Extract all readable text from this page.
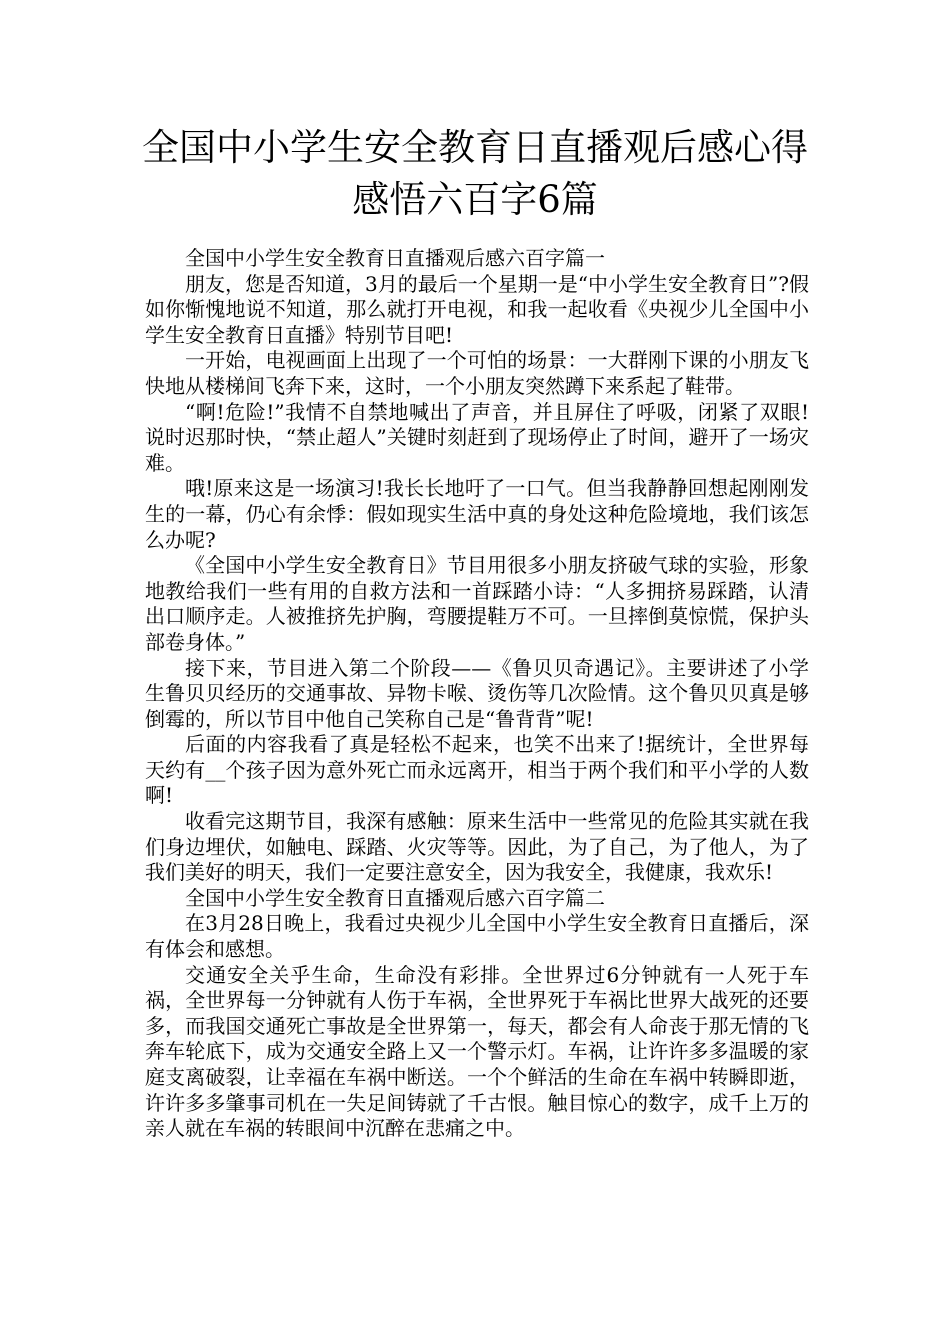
全国中小学生安全教育日直播观后感心得
感悟六百字6篇

全国中小学生安全教育日直播观后感六百字篇一

朋友，您是否知道，3月的最后一个星期一是“中小学生安全教育日”?假如你惭愧地说不知道，那么就打开电视，和我一起收看《央视少儿全国中小学生安全教育日直播》特别节目吧!

一开始，电视画面上出现了一个可怕的场景：一大群刚下课的小朋友飞快地从楼梯间飞奔下来，这时，一个小朋友突然蹲下来系起了鞋带。

“啊!危险!”我情不自禁地喊出了声音，并且屏住了呼吸，闭紧了双眼!说时迟那时快，“禁止超人”关键时刻赶到了现场停止了时间，避开了一场灾难。

哦!原来这是一场演习!我长长地吁了一口气。但当我静静回想起刚刚发生的一幕，仍心有余悸：假如现实生活中真的身处这种危险境地，我们该怎么办呢?

《全国中小学生安全教育日》节目用很多小朋友挤破气球的实验，形象地教给我们一些有用的自救方法和一首踩踏小诗：“人多拥挤易踩踏，认清出口顺序走。人被推挤先护胸，弯腰提鞋万不可。一旦摔倒莫惊慌，保护头部卷身体。”

接下来，节目进入第二个阶段——《鲁贝贝奇遇记》。主要讲述了小学生鲁贝贝经历的交通事故、异物卡喉、烫伤等几次险情。这个鲁贝贝真是够倒霉的，所以节目中他自己笑称自己是“鲁背背”呢!

后面的内容我看了真是轻松不起来，也笑不出来了!据统计，全世界每天约有__个孩子因为意外死亡而永远离开，相当于两个我们和平小学的人数啊!

收看完这期节目，我深有感触：原来生活中一些常见的危险其实就在我们身边埋伏，如触电、踩踏、火灾等等。因此，为了自己，为了他人，为了我们美好的明天，我们一定要注意安全，因为我安全，我健康，我欢乐!

全国中小学生安全教育日直播观后感六百字篇二

在3月28日晚上，我看过央视少儿全国中小学生安全教育日直播后，深有体会和感想。

交通安全关乎生命，生命没有彩排。全世界过6分钟就有一人死于车祸，全世界每一分钟就有人伤于车祸，全世界死于车祸比世界大战死的还要多，而我国交通死亡事故是全世界第一，每天，都会有人命丧于那无情的飞奔车轮底下，成为交通安全路上又一个警示灯。车祸，让许许多多温暖的家庭支离破裂，让幸福在车祸中断送。一个个鲜活的生命在车祸中转瞬即逝，许许多多肇事司机在一失足间铸就了千古恨。触目惊心的数字，成千上万的亲人就在车祸的转眼间中沉醉在悲痛之中。
